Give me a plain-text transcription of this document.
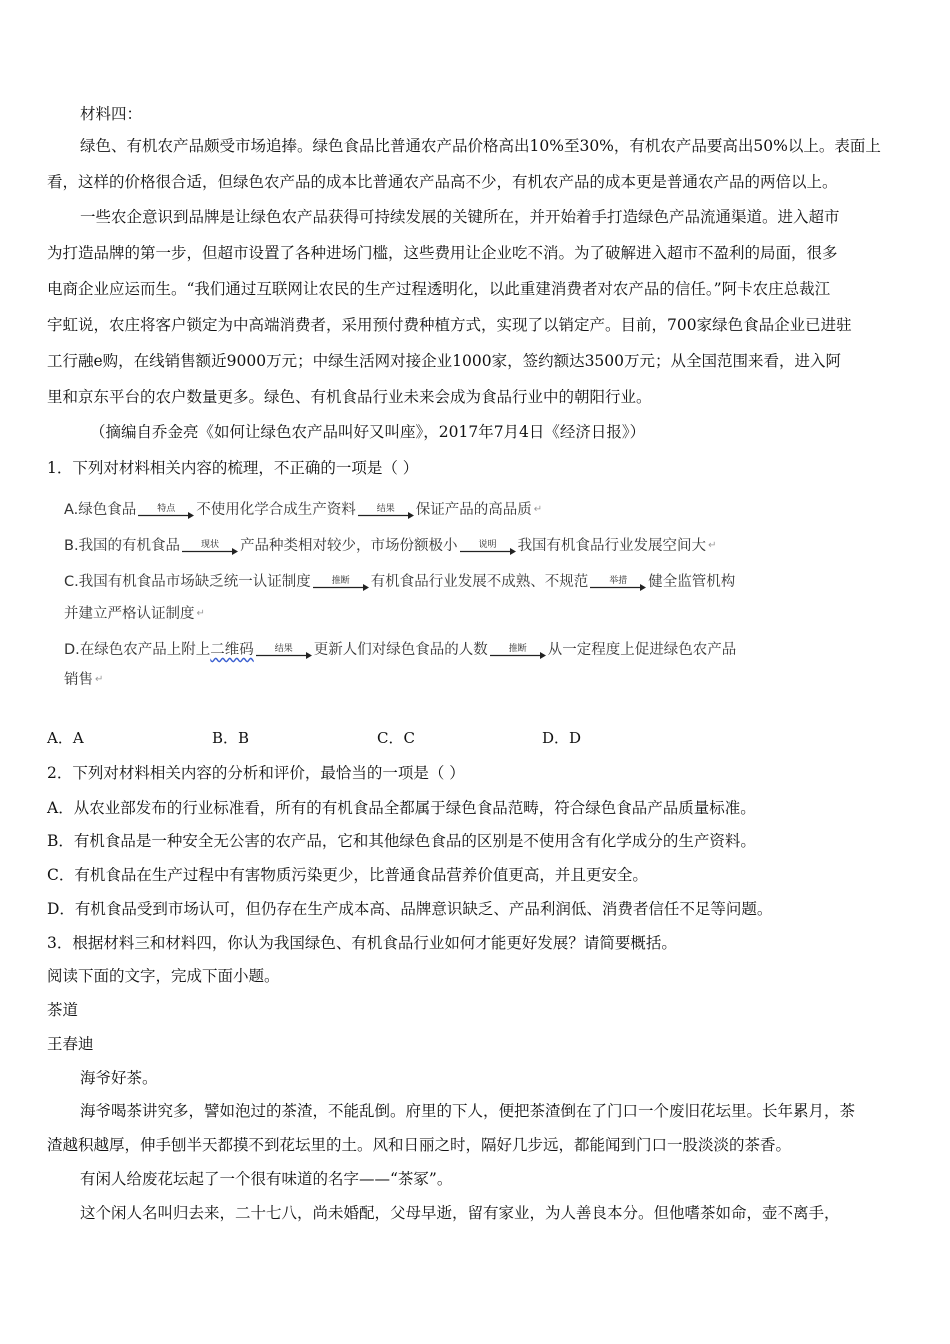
材料四：
绿色、有机农产品颇受市场追捧。绿色食品比普通农产品价格高出10%至30%，有机农产品要高出50%以上。表面上
看，这样的价格很合适，但绿色农产品的成本比普通农产品高不少，有机农产品的成本更是普通农产品的两倍以上。
一些农企意识到品牌是让绿色农产品获得可持续发展的关键所在，并开始着手打造绿色产品流通渠道。进入超市
为打造品牌的第一步，但超市设置了各种进场门槛，这些费用让企业吃不消。为了破解进入超市不盈利的局面，很多
电商企业应运而生。“我们通过互联网让农民的生产过程透明化，以此重建消费者对农产品的信任。”阿卡农庄总裁江
宇虹说，农庄将客户锁定为中高端消费者，采用预付费种植方式，实现了以销定产。目前，700家绿色食品企业已进驻
工行融e购，在线销售额近9000万元；中绿生活网对接企业1000家，签约额达3500万元；从全国范围来看，进入阿
里和京东平台的农户数量更多。绿色、有机食品行业未来会成为食品行业中的朝阳行业。
（摘编自乔金亮《如何让绿色农产品叫好又叫座》，2017年7月4日《经济日报》）
1．下列对材料相关内容的梳理，不正确的一项是（ ）
A. 绿色食品 特点 不使用化学合成生产资料 结果 保证产品的高品质 ↵
B. 我国的有机食品 现状 产品种类相对较少，市场份额极小 说明 我国有机食品行业发展空间大 ↵
C. 我国有机食品市场缺乏统一认证制度 推断 有机食品行业发展不成熟、不规范 举措 健全监管机构
并建立严格认证制度 ↵
D. 在绿色农产品上附上 二维码 结果 更新人们对绿色食品的人数 推断 从一定程度上促进绿色农产品
销售 ↵
A．A	B．B	C．C	D．D
2．下列对材料相关内容的分析和评价，最恰当的一项是（ ）
A．从农业部发布的行业标准看，所有的有机食品全都属于绿色食品范畴，符合绿色食品产品质量标准。
B．有机食品是一种安全无公害的农产品，它和其他绿色食品的区别是不使用含有化学成分的生产资料。
C．有机食品在生产过程中有害物质污染更少，比普通食品营养价值更高，并且更安全。
D．有机食品受到市场认可，但仍存在生产成本高、品牌意识缺乏、产品利润低、消费者信任不足等问题。
3．根据材料三和材料四，你认为我国绿色、有机食品行业如何才能更好发展？请简要概括。
阅读下面的文字，完成下面小题。
茶道
王春迪
海爷好茶。
海爷喝茶讲究多，譬如泡过的茶渣，不能乱倒。府里的下人，便把茶渣倒在了门口一个废旧花坛里。长年累月，茶
渣越积越厚，伸手刨半天都摸不到花坛里的土。风和日丽之时，隔好几步远，都能闻到门口一股淡淡的茶香。
有闲人给废花坛起了一个很有味道的名字——“茶冢”。
这个闲人名叫归去来，二十七八，尚未婚配，父母早逝，留有家业，为人善良本分。但他嗜茶如命，壶不离手，
